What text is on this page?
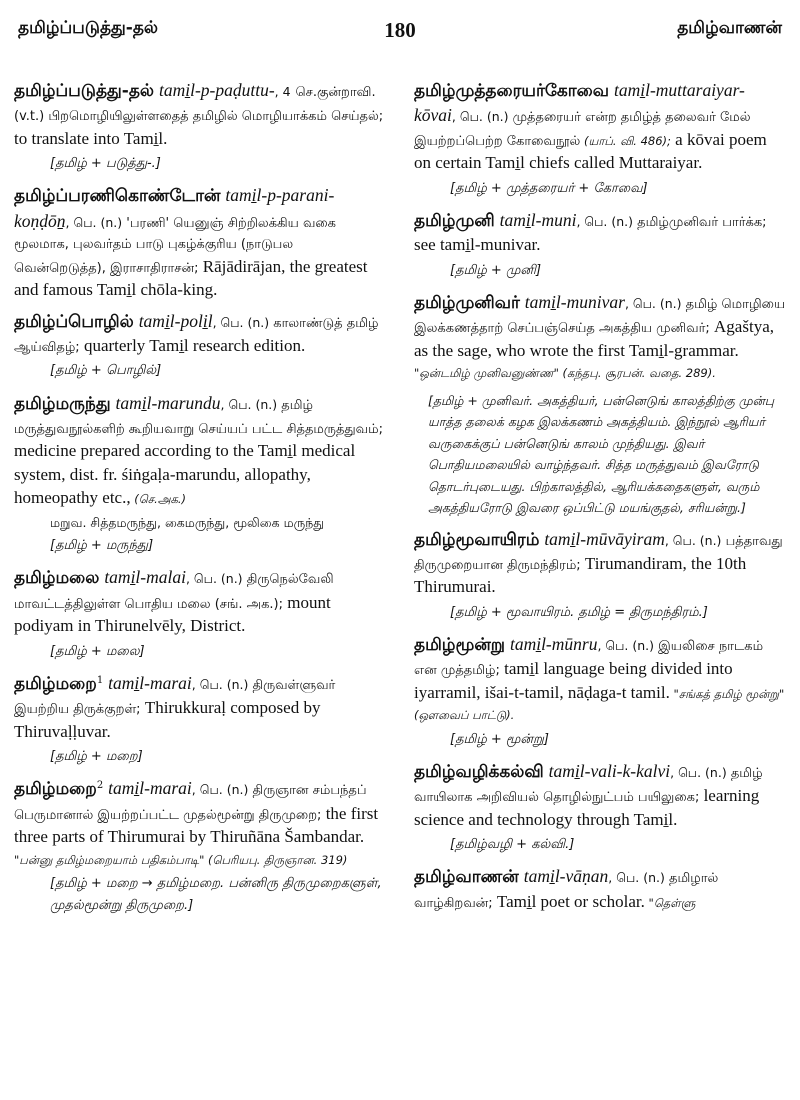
தமிழ்ப்படுத்து-தல்	180	தமிழ்வாணன்
தமிழ்ப்படுத்து-தல் tami̱l-p-paḍuttu-, 4 செ.குன்றாவி. (v.t.) பிறமொழியிலுள்ளதைத் தமிழில் மொழியாக்கம் செய்தல்; to translate into Tami̱l.
[தமிழ் + படுத்து-.]
தமிழ்ப்பரணிகொண்டோன் tami̱l-p-parani-koṇḍōṉ, பெ. (n.) 'பரணி' யெனுஞ் சிற்றிலக்கிய வகை மூலமாக, புலவர்தம் பாடு புகழ்க்குரிய (நாடுபல வென்றெடுத்த), இராசாதிராசன்; Rājādirājan, the greatest and famous Tami̱l chōla-king.
தமிழ்ப்பொழில் tami̱l-poli̱l, பெ. (n.) காலாண்டுத் தமிழ் ஆய்விதழ்; quarterly Tami̱l research edition.
[தமிழ் + பொழில்]
தமிழ்மருந்து tami̱l-marundu, பெ. (n.) தமிழ் மருத்துவநூல்களிற் கூறியவாறு செய்யப் பட்ட சித்தமருத்துவம்; medicine prepared according to the Tami̱l medical system, dist. fr. śiṅgaḷa-marundu, allopathy, homeopathy etc., (செ.அக.)
மறுவ. சித்தமருந்து, கைமருந்து, மூலிகை மருந்து
[தமிழ் + மருந்து]
தமிழ்மலை tami̱l-malai, பெ. (n.) திருநெல்வேலி மாவட்டத்திலுள்ள பொதிய மலை (சங். அக.); mount podiyam in Thirunelvēly, District.
[தமிழ் + மலை]
தமிழ்மறை$^1$ tami̱l-marai, பெ. (n.) திருவள்ளுவர் இயற்றிய திருக்குறள்; Thirukkuraḷ composed by Thiruvaḷḷuvar.
[தமிழ் + மறை]
தமிழ்மறை$^2$ tami̱l-marai, பெ. (n.) திருஞான சம்பந்தப் பெருமானால் இயற்றப்பட்ட முதல்மூன்று திருமுறை; the first three parts of Thirumurai by Thiruñāna Šambandar. "பன்னு தமிழ்மறையாம் பதிகம்பாடி" (பெரியபு. திருஞான. 319)
[தமிழ் + மறை → தமிழ்மறை. பன்னிரு திருமுறைகளுள், முதல்மூன்று திருமுறை.]
தமிழ்முத்தரையர்கோவை tami̱l-muttaraiyar-kōvai, பெ. (n.) முத்தரையர் என்ற தமிழ்த் தலைவர் மேல் இயற்றப்பெற்ற கோவைநூல் (யாப். வி. 486); a kōvai poem on certain Tami̱l chiefs called Muttaraiyar.
[தமிழ் + முத்தரையர் + கோவை]
தமிழ்முனி tami̱l-muni, பெ. (n.) தமிழ்முனிவர் பார்க்க; see tami̱l-munivar.
[தமிழ் + முனி]
தமிழ்முனிவர் tami̱l-munivar, பெ. (n.) தமிழ் மொழியை இலக்கணத்தாற் செப்பஞ்செய்த அகத்திய முனிவர்; Agaštya, as the sage, who wrote the first Tami̱l-grammar. "ஒன்டமிழ் முனிவனுண்ண" (கந்தபு. சூரபன். வதை. 289).
[தமிழ் + முனிவர். அகத்தியர், பன்னெடுங் காலத்திற்கு முன்பு யாத்த தலைக் கழக இலக்கணம் அகத்தியம். இந்நூல் ஆரியர் வருகைக்குப் பன்னெடுங் காலம் முந்தியது. இவர் பொதியமலையில் வாழ்ந்தவர். சித்த மருத்துவம் இவரோடு தொடர்புடையது. பிற்காலத்தில், ஆரியக்கதைகளுள், வரும் அகத்தியரோடு இவரை ஒப்பிட்டு மயங்குதல், சரியன்று.]
தமிழ்மூவாயிரம் tami̱l-mūvāyiram, பெ. (n.) பத்தாவது திருமுறையான திருமந்திரம்; Tirumandiram, the 10th Thirumurai.
[தமிழ் + மூவாயிரம். தமிழ் = திருமந்திரம்.]
தமிழ்மூன்று tami̱l-mūnru, பெ. (n.) இயலிசை நாடகம் என முத்தமிழ்; tami̱l language being divided into iyarramil, išai-t-tamil, nāḍaga-t tamil. "சங்கத் தமிழ் மூன்று" (ஔவைப் பாட்டு).
[தமிழ் + மூன்று]
தமிழ்வழிக்கல்வி tami̱l-vali-k-kalvi, பெ. (n.) தமிழ் வாயிலாக அறிவியல் தொழில்நுட்பம் பயிலுகை; learning science and technology through Tami̱l.
[தமிழ்வழி + கல்வி.]
தமிழ்வாணன் tami̱l-vāṇan, பெ. (n.) தமிழால் வாழ்கிறவன்; Tami̱l poet or scholar. "தெள்ளு
